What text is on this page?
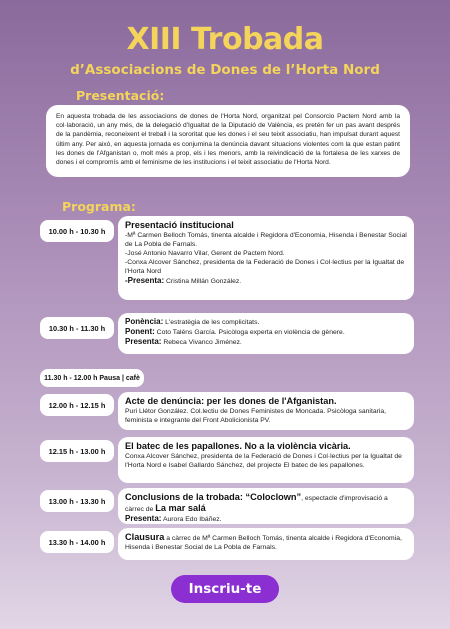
XIII Trobada
d’Associacions de Dones de l’Horta Nord
Presentació:
En aquesta trobada de les associacions de dones de l'Horta Nord, organitzat pel Consorcio Pactem Nord amb la col·laboració, un any més, de la delegació d'Igualtat de la Diputació de València, es pretén fer un pas avant després de la pandèmia, reconeixent el treball i la sororitat que les dones i el seu teixit associatiu, han impulsat durant aquest últim any. Per això, en aquesta jornada es conjumina la denúncia davant situacions violentes com la que estan patint les dones de l'Afganistan o, molt més a prop, els i les menors, amb la reivindicació de la fortalesa de les xarxes de dones i el compromís amb el feminisme de les institucions i el teixit associatiu de l'Horta Nord.
Programa:
10.00 h - 10.30 h
Presentació institucional
-Mª Carmen Belloch Tomás, tinenta alcalde i Regidora d'Economia, Hisenda i Benestar Social de La Pobla de Farnals.
-José Antonio Navarro Vilar, Gerent de Pactem Nord.
-Conxa Alcover Sánchez, presidenta de la Federació de Dones i Col·lectius per la Igualtat de l'Horta Nord
-Presenta: Cristina Millán González.
10.30 h - 11.30 h
Ponència: L'estratègia de les complicitats.
Ponent: Coto Taléns García. Psicòloga experta en violència de gènere.
Presenta: Rebeca Vivanco Jiménez.
11.30 h - 12.00 h Pausa | cafè
12.00 h - 12.15 h	Acte de denúncia: per les dones de l'Afganistan.
Puri Llétor González. Col.lectiu de Dones Feministes de Moncada. Psicòloga sanitaria, feminista e integrante del Front Abolicionista PV.
12.15 h - 13.00 h	El batec de les papallones. No a la violència vicària.
Conxa Alcover Sánchez, presidenta de la Federació de Dones i Col·lectius per la Igualtat de l'Horta Nord e Isabel Gallardo Sánchez, del projecte El batec de les papallones.
13.00 h - 13.30 h	Conclusions de la trobada: “Coloclown”, espectacle d'improvisació a càrrec de La mar salá
Presenta: Aurora Edo Ibáñez.
13.30 h - 14.00 h	Clausura a càrrec de Mª Carmen Belloch Tomás, tinenta alcalde i Regidora d'Economia, Hisenda i Benestar Social de La Pobla de Farnals.
Inscriu-te
